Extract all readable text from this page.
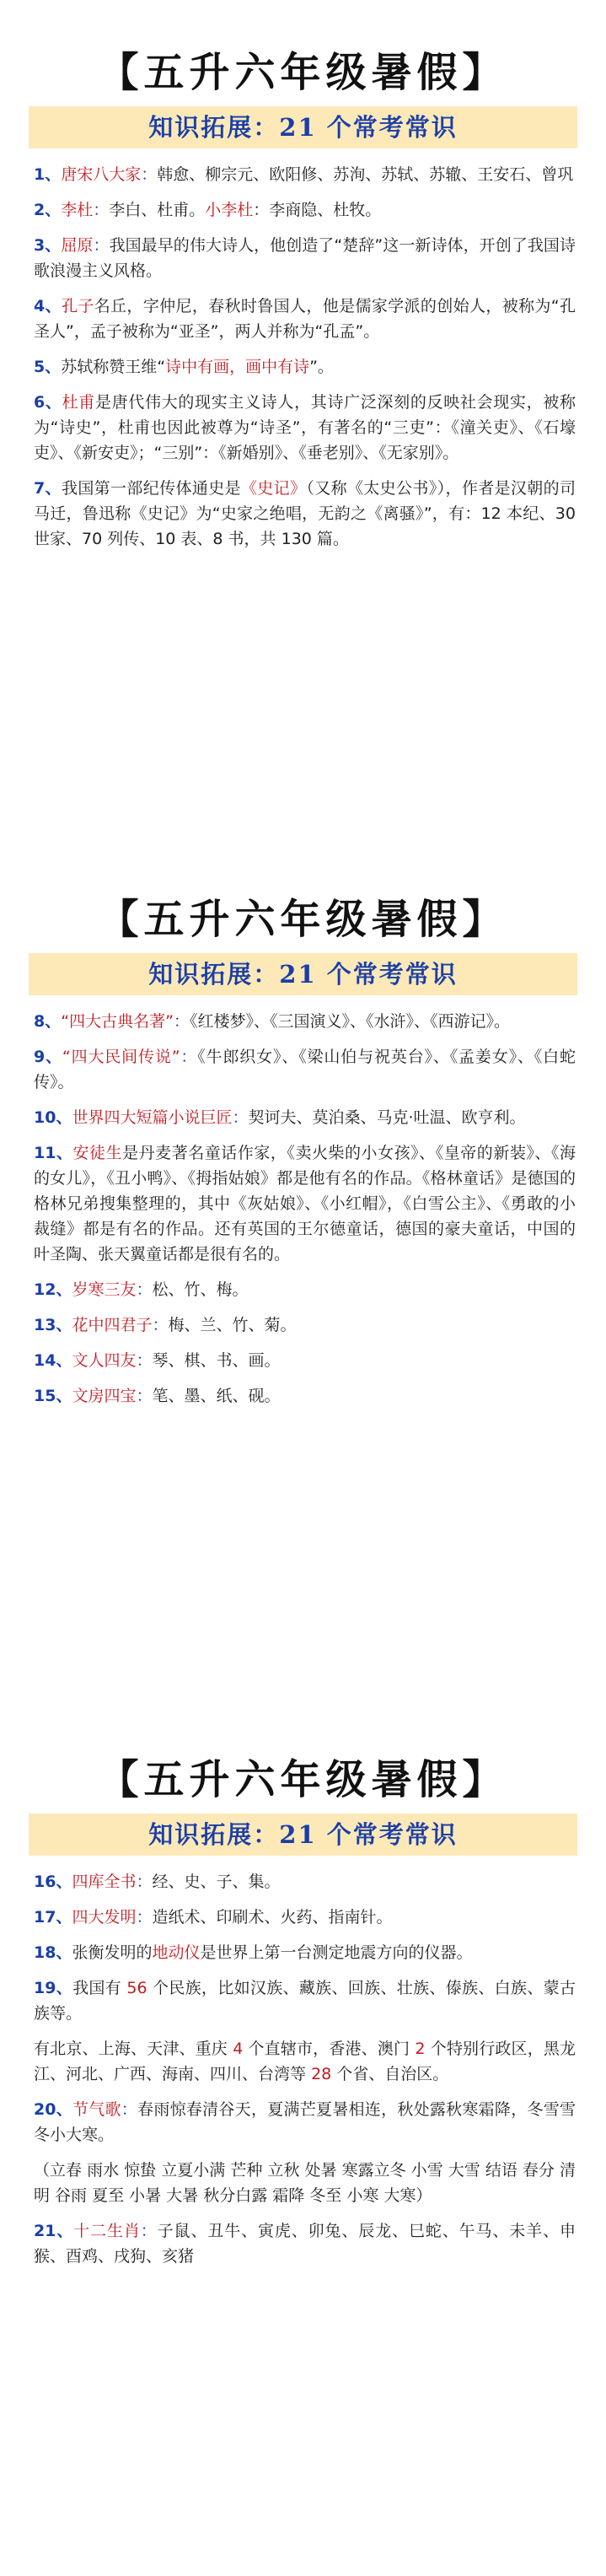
【五升六年级暑假】
知识拓展：21 个常考常识
1、唐宋八大家：韩愈、柳宗元、欧阳修、苏洵、苏轼、苏辙、王安石、曾巩
2、李杜：李白、杜甫。小李杜：李商隐、杜牧。
3、屈原：我国最早的伟大诗人，他创造了“楚辞”这一新诗体，开创了我国诗歌浪漫主义风格。
4、孔子名丘，字仲尼，春秋时鲁国人，他是儒家学派的创始人，被称为“孔圣人”，孟子被称为“亚圣”，两人并称为“孔孟”。
5、苏轼称赞王维“诗中有画，画中有诗”。
6、杜甫是唐代伟大的现实主义诗人，其诗广泛深刻的反映社会现实，被称为“诗史”，杜甫也因此被尊为“诗圣”，有著名的“三吏”：《潼关吏》、《石壕吏》、《新安吏》；“三别”：《新婚别》、《垂老别》、《无家别》。
7、我国第一部纪传体通史是《史记》（又称《太史公书》），作者是汉朝的司马迁，鲁迅称《史记》为“史家之绝唱，无韵之《离骚》”，有：12 本纪、30 世家、70 列传、10 表、8 书，共 130 篇。
【五升六年级暑假】
知识拓展：21 个常考常识
8、“四大古典名著”：《红楼梦》、《三国演义》、《水浒》、《西游记》。
9、“四大民间传说”：《牛郎织女》、《梁山伯与祝英台》、《孟姜女》、《白蛇传》。
10、世界四大短篇小说巨匠：契诃夫、莫泊桑、马克·吐温、欧亨利。
11、安徒生是丹麦著名童话作家，《卖火柴的小女孩》、《皇帝的新装》、《海的女儿》，《丑小鸭》、《拇指姑娘》都是他有名的作品。《格林童话》是德国的格林兄弟搜集整理的，其中《灰姑娘》、《小红帽》，《白雪公主》、《勇敢的小裁缝》都是有名的作品。还有英国的王尔德童话，德国的豪夫童话，中国的叶圣陶、张天翼童话都是很有名的。
12、岁寒三友：松、竹、梅。
13、花中四君子：梅、兰、竹、菊。
14、文人四友：琴、棋、书、画。
15、文房四宝：笔、墨、纸、砚。
【五升六年级暑假】
知识拓展：21 个常考常识
16、四库全书：经、史、子、集。
17、四大发明：造纸术、印刷术、火药、指南针。
18、张衡发明的地动仪是世界上第一台测定地震方向的仪器。
19、我国有 56 个民族，比如汉族、藏族、回族、壮族、傣族、白族、蒙古族等。
有北京、上海、天津、重庆 4 个直辖市，香港、澳门 2 个特别行政区，黑龙江、河北、广西、海南、四川、台湾等 28 个省、自治区。
20、节气歌：春雨惊春清谷天，夏满芒夏暑相连，秋处露秋寒霜降，冬雪雪冬小大寒。
（立春 雨水 惊蛰 立夏小满 芒种 立秋 处暑 寒露立冬 小雪 大雪 结语 春分 清明 谷雨 夏至 小暑 大暑 秋分白露 霜降 冬至 小寒 大寒）
21、十二生肖：子鼠、丑牛、寅虎、卯兔、辰龙、巳蛇、午马、未羊、申猴、酉鸡、戌狗、亥猪
